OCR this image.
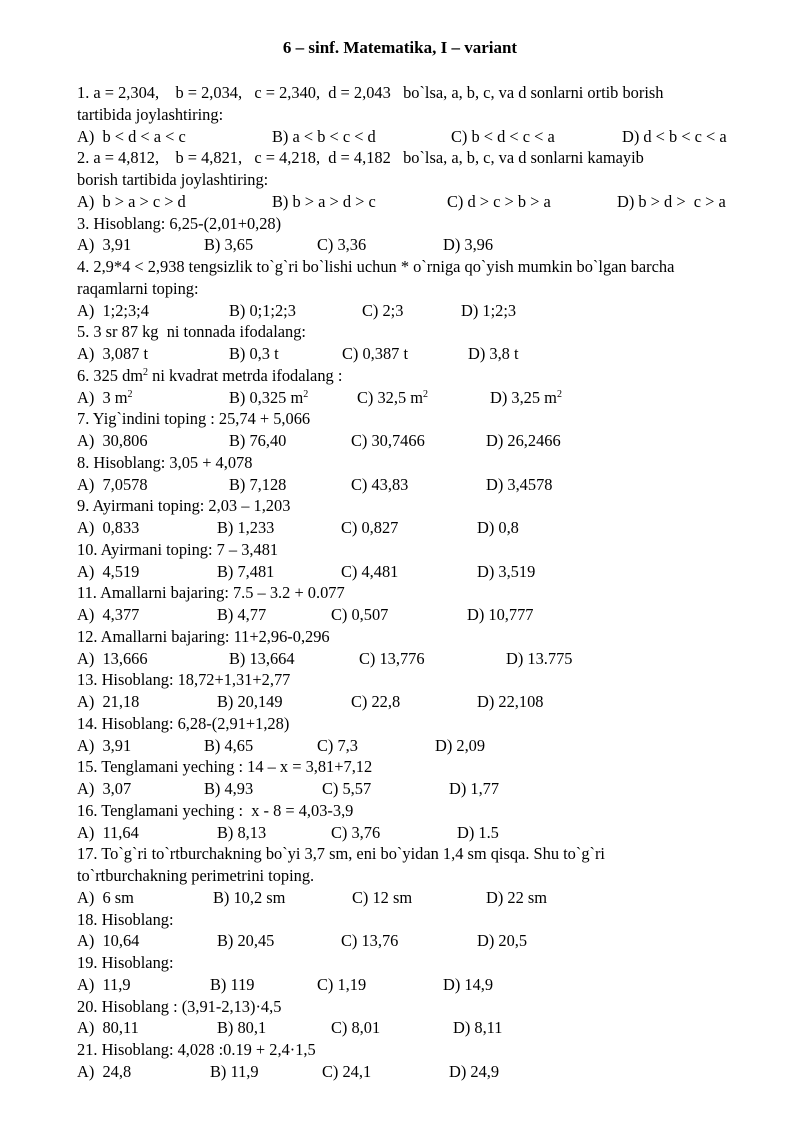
6 – sinf. Matematika, I – variant
1. a = 2,304,    b = 2,034,   c = 2,340,  d = 2,043   bo`lsa, a, b, c, va d sonlarni ortib borish
tartibida joylashtiring:
A)  b < d < a < c	B) a < b < c < d	C) b < d < c < a	D) d < b < c < a
2. a = 4,812,    b = 4,821,   c = 4,218,  d = 4,182   bo`lsa, a, b, c, va d sonlarni kamayib
borish tartibida joylashtiring:
A)  b > a > c > d	B) b > a > d > c	C) d > c > b > a	D) b > d >  c > a
3. Hisoblang: 6,25-(2,01+0,28)
A)  3,91	B) 3,65	C) 3,36	D) 3,96
4. 2,9*4 < 2,938 tengsizlik to`g`ri bo`lishi uchun * o`rniga qo`yish mumkin bo`lgan barcha
raqamlarni toping:
A)  1;2;3;4	B) 0;1;2;3	C) 2;3	D) 1;2;3
5. 3 sr 87 kg  ni tonnada ifodalang:
A)  3,087 t	B) 0,3 t	C) 0,387 t	D) 3,8 t
6. 325 $dm^2$ ni kvadrat metrda ifodalang :
A)  3 $m^2$	B) 0,325 $m^2$	C) 32,5 $m^2$	D) 3,25 $m^2$
7. Yig`indini toping : 25,74 + 5,066
A)  30,806	B) 76,40	C) 30,7466	D) 26,2466
8. Hisoblang: 3,05 + 4,078
A)  7,0578	B) 7,128	C) 43,83	D) 3,4578
9. Ayirmani toping: 2,03 – 1,203
A)  0,833	B) 1,233	C) 0,827	D) 0,8
10. Ayirmani toping: 7 – 3,481
A)  4,519	B) 7,481	C) 4,481	D) 3,519
11. Amallarni bajaring: 7.5 – 3.2 + 0.077
A)  4,377	B) 4,77	C) 0,507	D) 10,777
12. Amallarni bajaring: 11+2,96-0,296
A)  13,666	B) 13,664	C) 13,776	D) 13.775
13. Hisoblang: 18,72+1,31+2,77
A)  21,18	B) 20,149	C) 22,8	D) 22,108
14. Hisoblang: 6,28-(2,91+1,28)
A)  3,91	B) 4,65	C) 7,3	D) 2,09
15. Tenglamani yeching : 14 – x = 3,81+7,12
A)  3,07	B) 4,93	C) 5,57	D) 1,77
16. Tenglamani yeching :  x - 8 = 4,03-3,9
A)  11,64	B) 8,13	C) 3,76	D) 1.5
17. To`g`ri to`rtburchakning bo`yi 3,7 sm, eni bo`yidan 1,4 sm qisqa. Shu to`g`ri
to`rtburchakning perimetrini toping.
A)  6 sm	B) 10,2 sm	C) 12 sm	D) 22 sm
18. Hisoblang:
A)  10,64	B) 20,45	C) 13,76	D) 20,5
19. Hisoblang:
A)  11,9	B) 119	C) 1,19	D) 14,9
20. Hisoblang : (3,91-2,13)·4,5
A)  80,11	B) 80,1	C) 8,01	D) 8,11
21. Hisoblang: 4,028 :0.19 + 2,4·1,5
A)  24,8	B) 11,9	C) 24,1	D) 24,9
